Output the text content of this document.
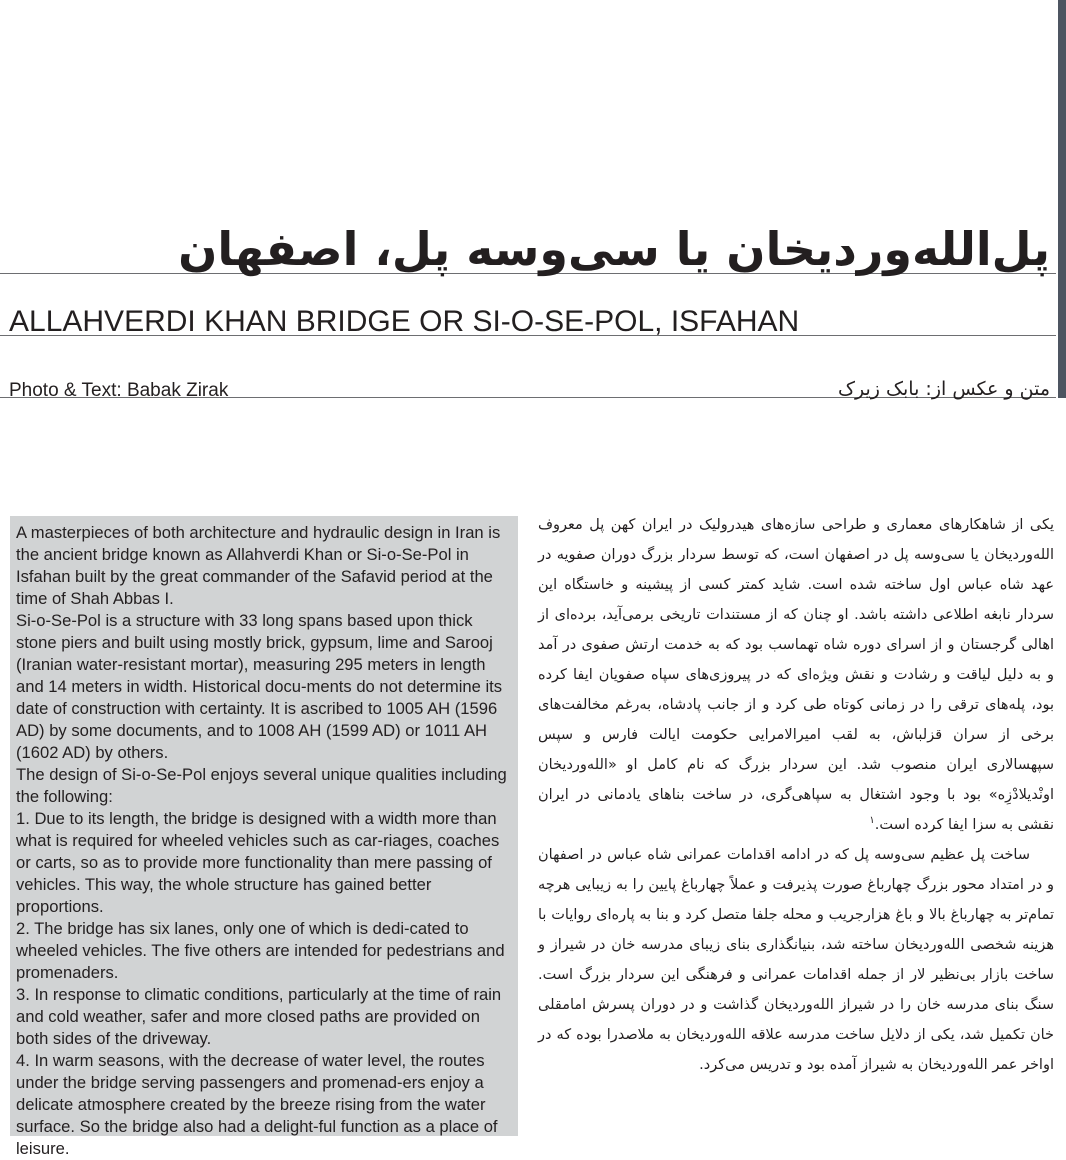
پل‌الله‌وردیخان یا سی‌وسه پل، اصفهان
ALLAHVERDI KHAN BRIDGE OR SI-O-SE-POL, ISFAHAN
Photo & Text: Babak Zirak	متن و عکس از: بابک زیرک

A masterpieces of both architecture and hydraulic design in Iran is the ancient bridge known as Allahverdi Khan or Si-o-Se-Pol in Isfahan built by the great commander of the Safavid period at the time of Shah Abbas I.
Si-o-Se-Pol is a structure with 33 long spans based upon thick stone piers and built using mostly brick, gypsum, lime and Sarooj (Iranian water-resistant mortar), measuring 295 meters in length and 14 meters in width. Historical docu-ments do not determine its date of construction with certainty. It is ascribed to 1005 AH (1596 AD) by some documents, and to 1008 AH (1599 AD) or 1011 AH (1602 AD) by others.
The design of Si-o-Se-Pol enjoys several unique qualities including the following:
1. Due to its length, the bridge is designed with a width more than what is required for wheeled vehicles such as car-riages, coaches or carts, so as to provide more functionality than mere passing of vehicles. This way, the whole structure has gained better proportions.
2. The bridge has six lanes, only one of which is dedi-cated to wheeled vehicles. The five others are intended for pedestrians and promenaders.
3. In response to climatic conditions, particularly at the time of rain and cold weather, safer and more closed paths are provided on both sides of the driveway.
4. In warm seasons, with the decrease of water level, the routes under the bridge serving passengers and promenad-ers enjoy a delicate atmosphere created by the breeze rising from the water surface. So the bridge also had a delight-ful function as a place of leisure.

یکی از شاهکارهای معماری و طراحی سازه‌های هیدرولیک در ایران کهن پل معروف الله‌وردیخان یا سی‌وسه پل در اصفهان است، که توسط سردار بزرگ دوران صفویه در عهد شاه عباس اول ساخته شده است. شاید کمتر کسی از پیشینه و خاستگاه این سردار نابغه اطلاعی داشته باشد. او چنان که از مستندات تاریخی برمی‌آید، برده‌ای از اهالی گرجستان و از اسرای دوره شاه تهماسب بود که به خدمت ارتش صفوی در آمد و به دلیل لیاقت و رشادت و نقش ویژه‌ای که در پیروزی‌های سپاه صفویان ایفا کرده بود، پله‌های ترقی را در زمانی کوتاه طی کرد و از جانب پادشاه، به‌رغم مخالفت‌های برخی از سران قزلباش، به لقب امیرالامرایی حکومت ایالت فارس و سپس سپهسالاری ایران منصوب شد. این سردار بزرگ که نام کامل او «الله‌وردیخان اونْدیلادْزِه» بود با وجود اشتغال به سپاهی‌گری، در ساخت بناهای یادمانی در ایران نقشی به سزا ایفا کرده است.$^۱$

ساخت پل عظیم سی‌وسه پل که در ادامه اقدامات عمرانی شاه عباس در اصفهان و در امتداد محور بزرگ چهارباغ صورت پذیرفت و عملاً چهارباغ پایین را به زیبایی هرچه تمام‌تر به چهارباغ بالا و باغ هزارجریب و محله جلفا متصل کرد و بنا به پاره‌ای روایات با هزینه شخصی الله‌وردیخان ساخته شد، بنیانگذاری بنای زیبای مدرسه خان در شیراز و ساخت بازار بی‌نظیر لار از جمله اقدامات عمرانی و فرهنگی این سردار بزرگ است. سنگ بنای مدرسه خان را در شیراز الله‌وردیخان گذاشت و در دوران پسرش امامقلی خان تکمیل شد، یکی از دلایل ساخت مدرسه علاقه الله‌وردیخان به ملاصدرا بوده که در اواخر عمر الله‌وردیخان به شیراز آمده بود و تدریس می‌کرد.
